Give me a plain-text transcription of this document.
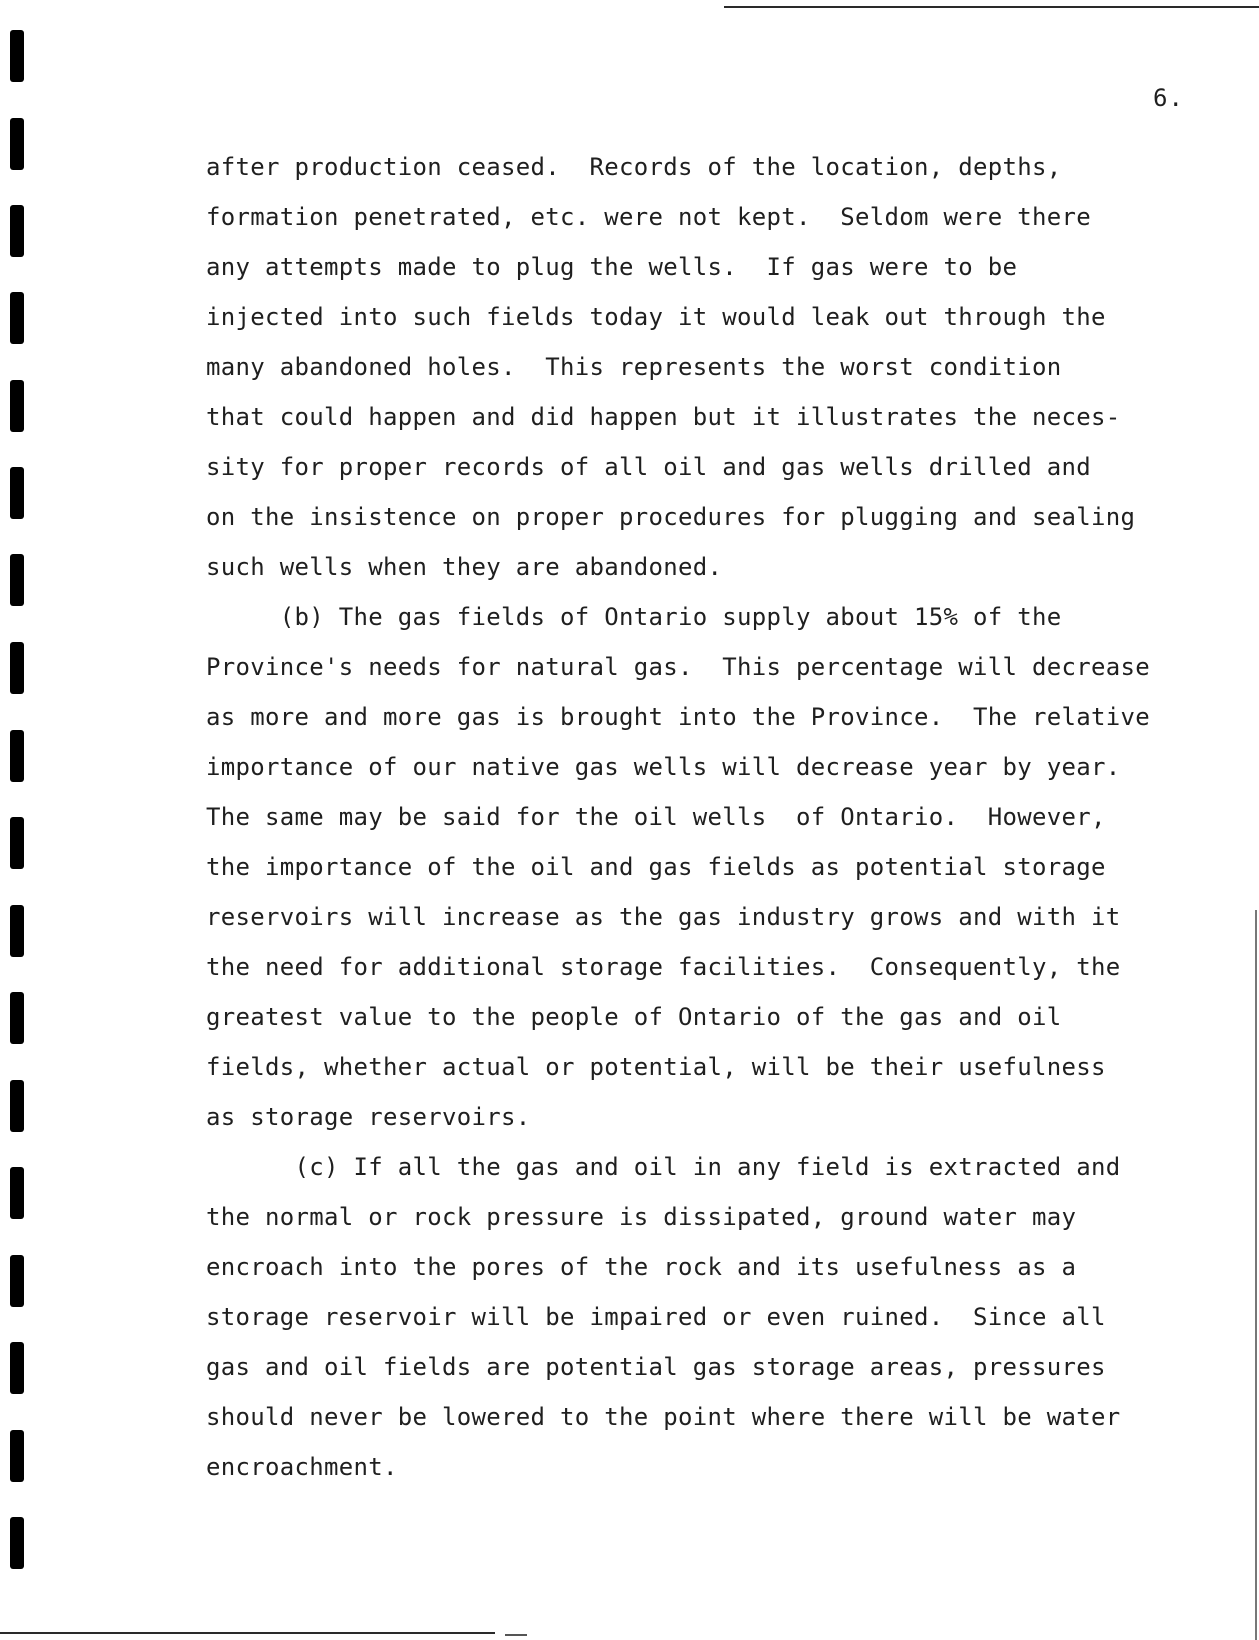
6.
after production ceased.  Records of the location, depths,
formation penetrated, etc. were not kept.  Seldom were there
any attempts made to plug the wells.  If gas were to be
injected into such fields today it would leak out through the
many abandoned holes.  This represents the worst condition
that could happen and did happen but it illustrates the neces-
sity for proper records of all oil and gas wells drilled and
on the insistence on proper procedures for plugging and sealing
such wells when they are abandoned.
(b) The gas fields of Ontario supply about 15% of the
Province's needs for natural gas.  This percentage will decrease
as more and more gas is brought into the Province.  The relative
importance of our native gas wells will decrease year by year.
The same may be said for the oil wells  of Ontario.  However,
the importance of the oil and gas fields as potential storage
reservoirs will increase as the gas industry grows and with it
the need for additional storage facilities.  Consequently, the
greatest value to the people of Ontario of the gas and oil
fields, whether actual or potential, will be their usefulness
as storage reservoirs.
(c) If all the gas and oil in any field is extracted and
the normal or rock pressure is dissipated, ground water may
encroach into the pores of the rock and its usefulness as a
storage reservoir will be impaired or even ruined.  Since all
gas and oil fields are potential gas storage areas, pressures
should never be lowered to the point where there will be water
encroachment.
